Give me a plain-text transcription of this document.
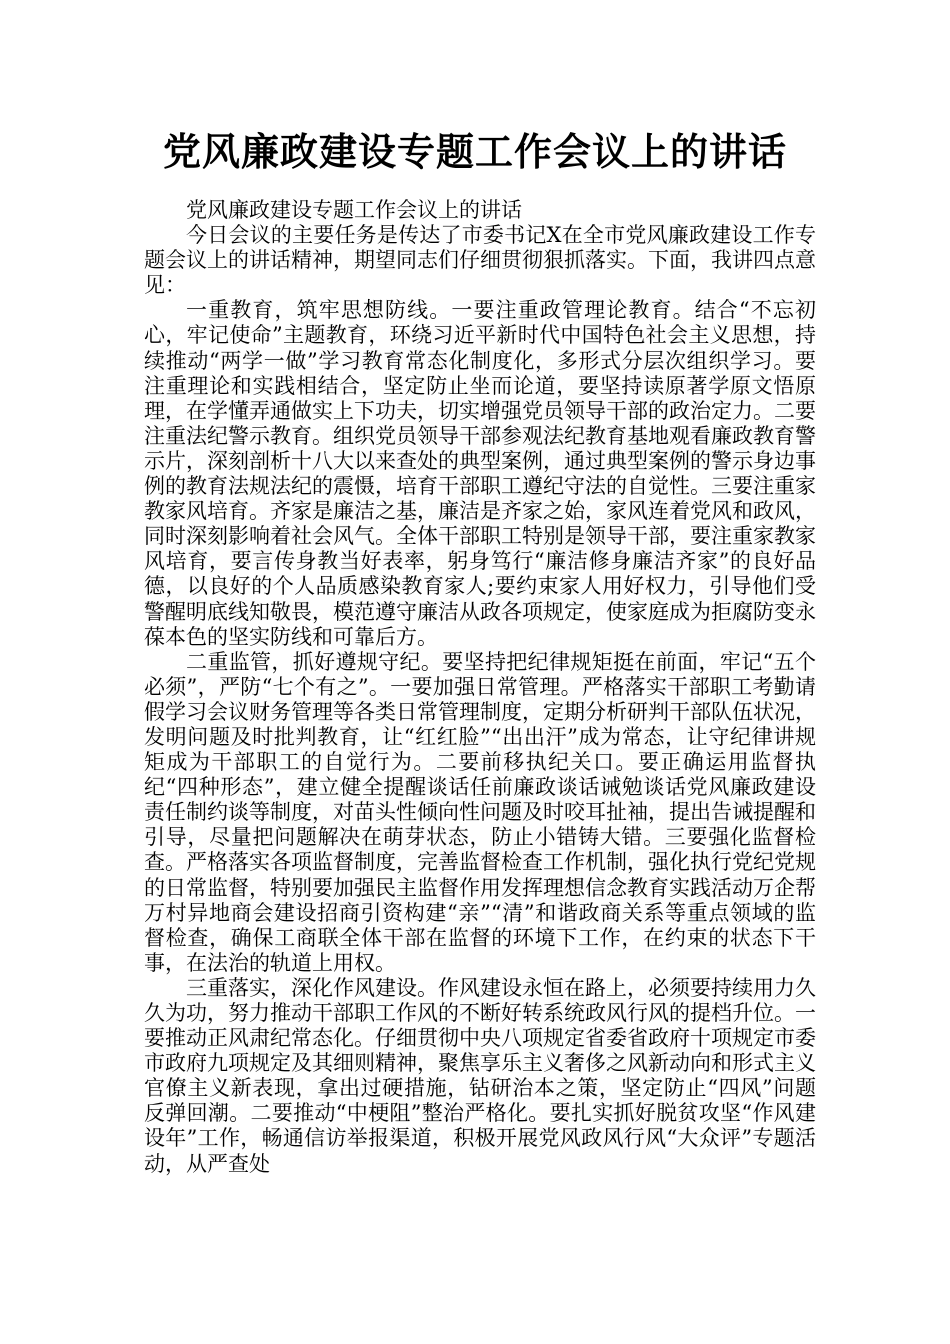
党风廉政建设专题工作会议上的讲话

党风廉政建设专题工作会议上的讲话

今日会议的主要任务是传达了市委书记X在全市党风廉政建设工作专题会议上的讲话精神，期望同志们仔细贯彻狠抓落实。下面，我讲四点意见：

一重教育，筑牢思想防线。一要注重政管理论教育。结合“不忘初心，牢记使命”主题教育，环绕习近平新时代中国特色社会主义思想，持续推动“两学一做”学习教育常态化制度化，多形式分层次组织学习。要注重理论和实践相结合，坚定防止坐而论道，要坚持读原著学原文悟原理，在学懂弄通做实上下功夫，切实增强党员领导干部的政治定力。二要注重法纪警示教育。组织党员领导干部参观法纪教育基地观看廉政教育警示片，深刻剖析十八大以来查处的典型案例，通过典型案例的警示身边事例的教育法规法纪的震慑，培育干部职工遵纪守法的自觉性。三要注重家教家风培育。齐家是廉洁之基，廉洁是齐家之始，家风连着党风和政风，同时深刻影响着社会风气。全体干部职工特别是领导干部，要注重家教家风培育，要言传身教当好表率，躬身笃行“廉洁修身廉洁齐家”的良好品德，以良好的个人品质感染教育家人;要约束家人用好权力，引导他们受警醒明底线知敬畏，模范遵守廉洁从政各项规定，使家庭成为拒腐防变永葆本色的坚实防线和可靠后方。

二重监管，抓好遵规守纪。要坚持把纪律规矩挺在前面，牢记“五个必须”，严防“七个有之”。一要加强日常管理。严格落实干部职工考勤请假学习会议财务管理等各类日常管理制度，定期分析研判干部队伍状况，发明问题及时批判教育，让“红红脸”“出出汗”成为常态，让守纪律讲规矩成为干部职工的自觉行为。二要前移执纪关口。要正确运用监督执纪“四种形态”，建立健全提醒谈话任前廉政谈话诫勉谈话党风廉政建设责任制约谈等制度，对苗头性倾向性问题及时咬耳扯袖，提出告诫提醒和引导，尽量把问题解决在萌芽状态，防止小错铸大错。三要强化监督检查。严格落实各项监督制度，完善监督检查工作机制，强化执行党纪党规的日常监督，特别要加强民主监督作用发挥理想信念教育实践活动万企帮万村异地商会建设招商引资构建“亲”“清”和谐政商关系等重点领域的监督检查，确保工商联全体干部在监督的环境下工作，在约束的状态下干事，在法治的轨道上用权。

三重落实，深化作风建设。作风建设永恒在路上，必须要持续用力久久为功，努力推动干部职工作风的不断好转系统政风行风的提档升位。一要推动正风肃纪常态化。仔细贯彻中央八项规定省委省政府十项规定市委市政府九项规定及其细则精神，聚焦享乐主义奢侈之风新动向和形式主义官僚主义新表现，拿出过硬措施，钻研治本之策，坚定防止“四风”问题反弹回潮。二要推动“中梗阻”整治严格化。要扎实抓好脱贫攻坚“作风建设年”工作，畅通信访举报渠道，积极开展党风政风行风“大众评”专题活动，从严查处
